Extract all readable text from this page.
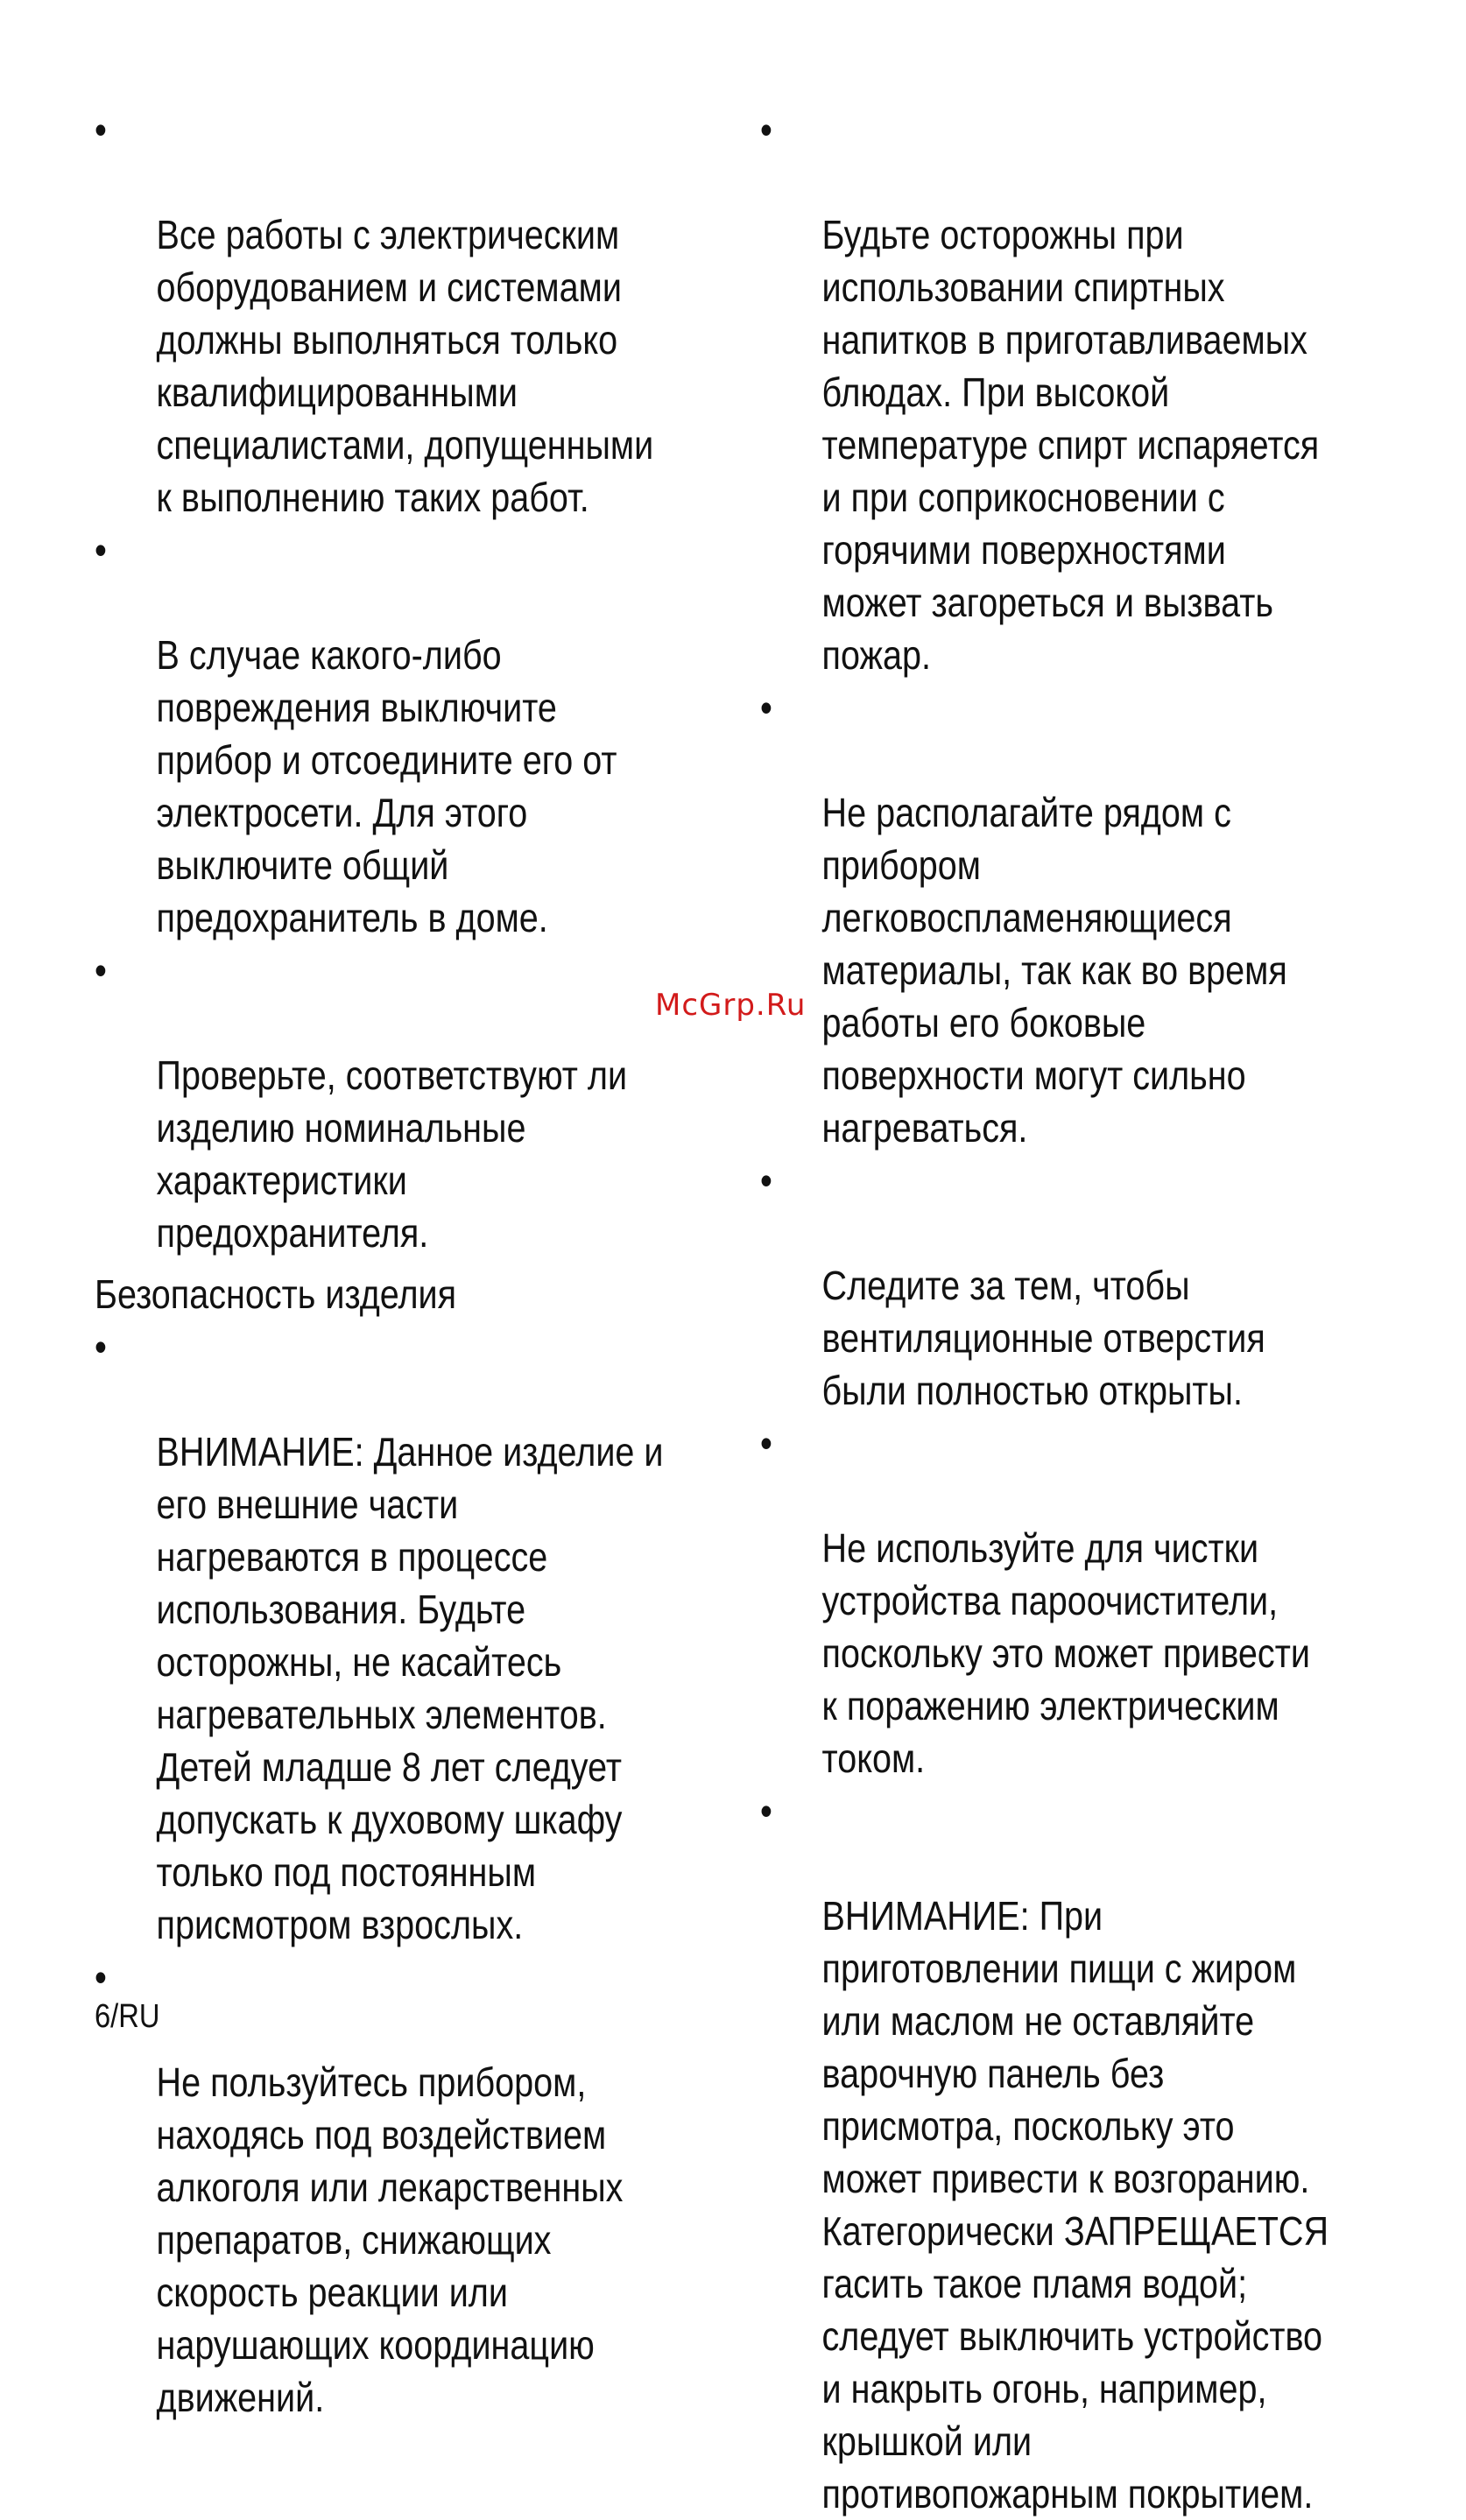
•

Все работы с электрическим
оборудованием и системами
должны выполняться только
квалифицированными
специалистами, допущенными
к выполнению таких работ.

•

В случае какого-либо
повреждения выключите
прибор и отсоедините его от
электросети. Для этого
выключите общий
предохранитель в доме.

•

Проверьте, соответствуют ли
изделию номинальные
характеристики
предохранителя.

Безопасность изделия

•

ВНИМАНИЕ: Данное изделие и
его внешние части
нагреваются в процессе
использования. Будьте
осторожны, не касайтесь
нагревательных элементов.
Детей младше 8 лет следует
допускать к духовому шкафу
только под постоянным
присмотром взрослых.

•

Не пользуйтесь прибором,
находясь под воздействием
алкоголя или лекарственных
препаратов, снижающих
скорость реакции или
нарушающих координацию
движений.

•

Будьте осторожны при
использовании спиртных
напитков в приготавливаемых
блюдах. При высокой
температуре спирт испаряется
и при соприкосновении с
горячими поверхностями
может загореться и вызвать
пожар.

•

Не располагайте рядом с
прибором
легковоспламеняющиеся
материалы, так как во время
работы его боковые
поверхности могут сильно
нагреваться.

•

Следите за тем, чтобы
вентиляционные отверстия
были полностью открыты.

•

Не используйте для чистки
устройства пароочистители,
поскольку это может привести
к поражению электрическим
током.

•

ВНИМАНИЕ: При
приготовлении пищи с жиром
или маслом не оставляйте
варочную панель без
присмотра, поскольку это
может привести к возгоранию.
Категорически ЗАПРЕЩАЕТСЯ
гасить такое пламя водой;
следует выключить устройство
и накрыть огонь, например,
крышкой или
противопожарным покрытием.

McGrp.Ru
6/RU
